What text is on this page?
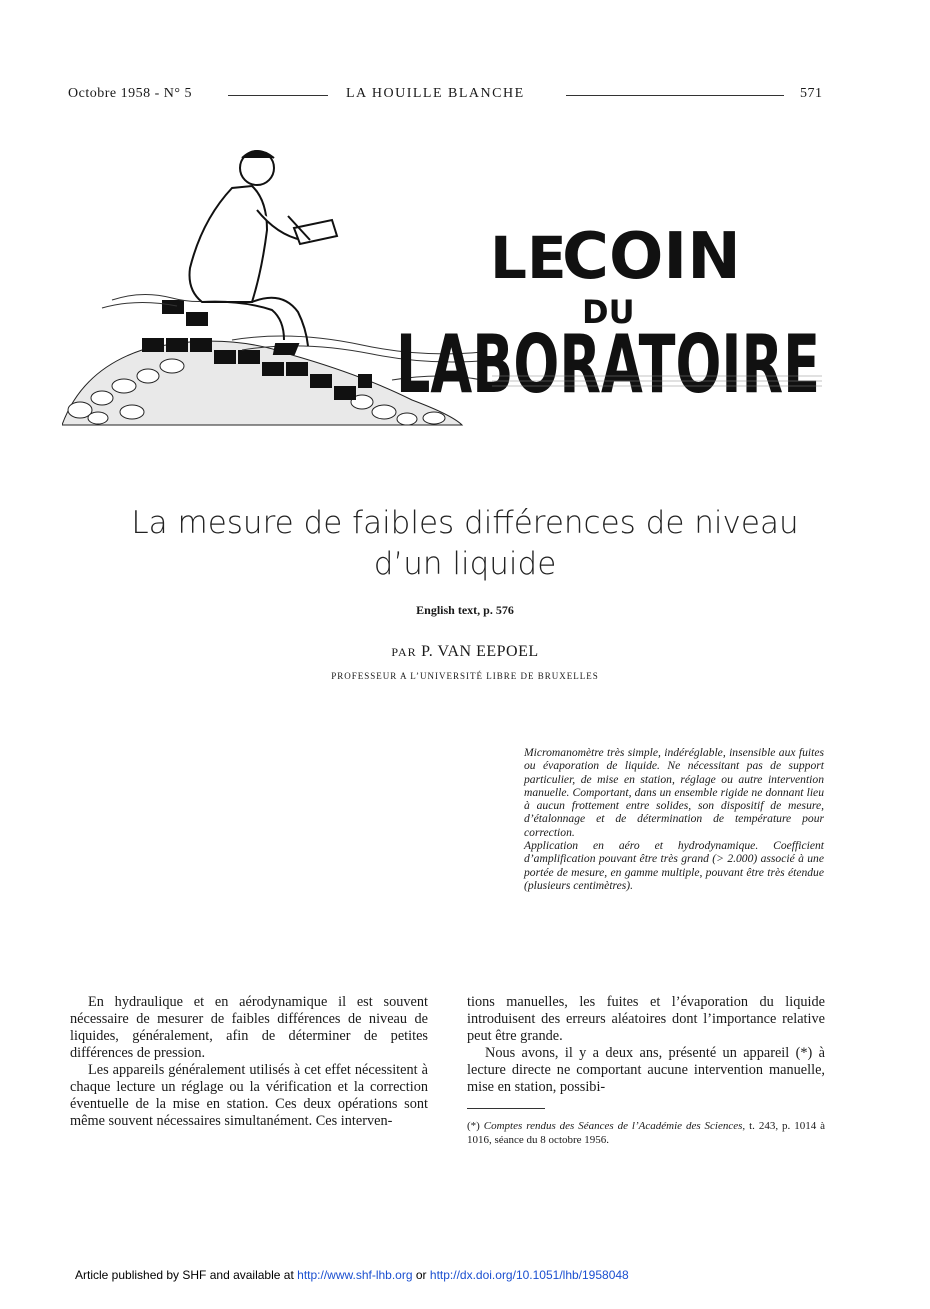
Octobre 1958 - N° 5	LA HOUILLE BLANCHE	571
LE
COIN
DU
LABORATOIRE
La mesure de faibles différences de niveau
d’un liquide
English text, p. 576
PAR P. VAN EEPOEL
PROFESSEUR A L’UNIVERSITÉ LIBRE DE BRUXELLES

Micromanomètre très simple, indéréglable, insensible aux fuites ou évaporation de liquide. Ne nécessitant pas de support particulier, de mise en station, réglage ou autre intervention manuelle. Comportant, dans un ensemble rigide ne donnant lieu à aucun frottement entre solides, son dispositif de mesure, d’étalonnage et de détermination de température pour correction.

Application en aéro et hydrodynamique. Coefficient d’amplification pouvant être très grand (> 2.000) associé à une portée de mesure, en gamme multiple, pouvant être très étendue (plusieurs centimètres).

En hydraulique et en aérodynamique il est souvent nécessaire de mesurer de faibles différences de niveau de liquides, généralement, afin de déterminer de petites différences de pression.

Les appareils généralement utilisés à cet effet nécessitent à chaque lecture un réglage ou la vérification et la correction éventuelle de la mise en station. Ces deux opérations sont même souvent nécessaires simultanément. Ces interven-

tions manuelles, les fuites et l’évaporation du liquide introduisent des erreurs aléatoires dont l’importance relative peut être grande.

Nous avons, il y a deux ans, présenté un appareil (*) à lecture directe ne comportant aucune intervention manuelle, mise en station, possibi-

(*) Comptes rendus des Séances de l’Académie des Sciences, t. 243, p. 1014 à 1016, séance du 8 octobre 1956.
Article published by SHF and available at http://www.shf-lhb.org or http://dx.doi.org/10.1051/lhb/1958048
